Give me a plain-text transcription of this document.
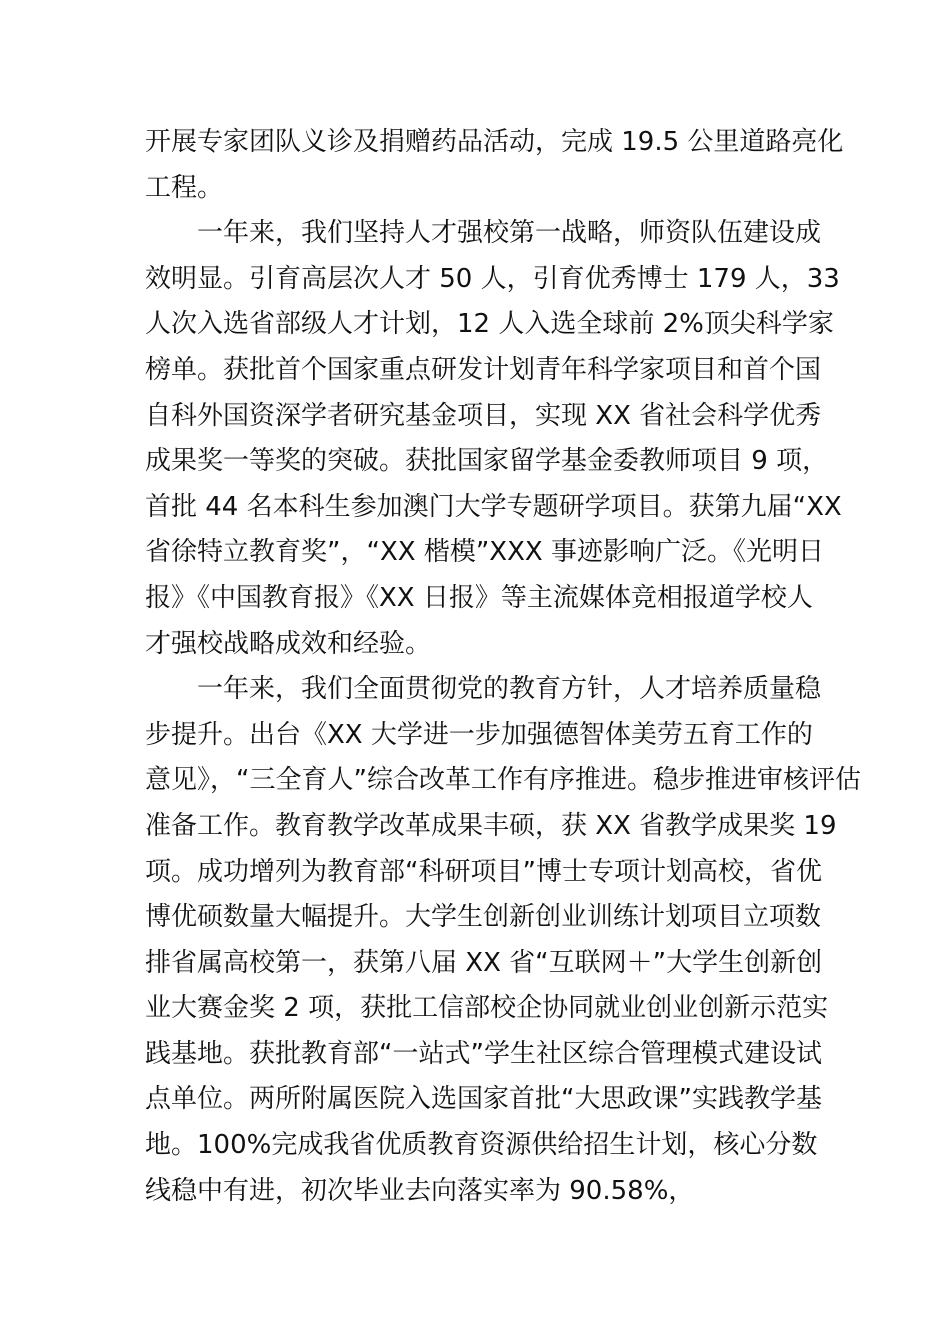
开展专家团队义诊及捐赠药品活动，完成 19.5 公里道路亮化
工程。
一年来，我们坚持人才强校第一战略，师资队伍建设成
效明显。引育高层次人才 50 人，引育优秀博士 179 人，33
人次入选省部级人才计划，12 人入选全球前 2%顶尖科学家
榜单。获批首个国家重点研发计划青年科学家项目和首个国
自科外国资深学者研究基金项目，实现 XX 省社会科学优秀
成果奖一等奖的突破。获批国家留学基金委教师项目 9 项，
首批 44 名本科生参加澳门大学专题研学项目。获第九届“XX
省徐特立教育奖”，“XX 楷模”XXX 事迹影响广泛。《光明日
报》《中国教育报》《XX 日报》等主流媒体竞相报道学校人
才强校战略成效和经验。
一年来，我们全面贯彻党的教育方针，人才培养质量稳
步提升。出台《XX 大学进一步加强德智体美劳五育工作的
意见》，“三全育人”综合改革工作有序推进。稳步推进审核评估
准备工作。教育教学改革成果丰硕，获 XX 省教学成果奖 19
项。成功增列为教育部“科研项目”博士专项计划高校，省优
博优硕数量大幅提升。大学生创新创业训练计划项目立项数
排省属高校第一，获第八届 XX 省“互联网＋”大学生创新创
业大赛金奖 2 项，获批工信部校企协同就业创业创新示范实
践基地。获批教育部“一站式”学生社区综合管理模式建设试
点单位。两所附属医院入选国家首批“大思政课”实践教学基
地。100%完成我省优质教育资源供给招生计划，核心分数
线稳中有进，初次毕业去向落实率为 90.58%，
